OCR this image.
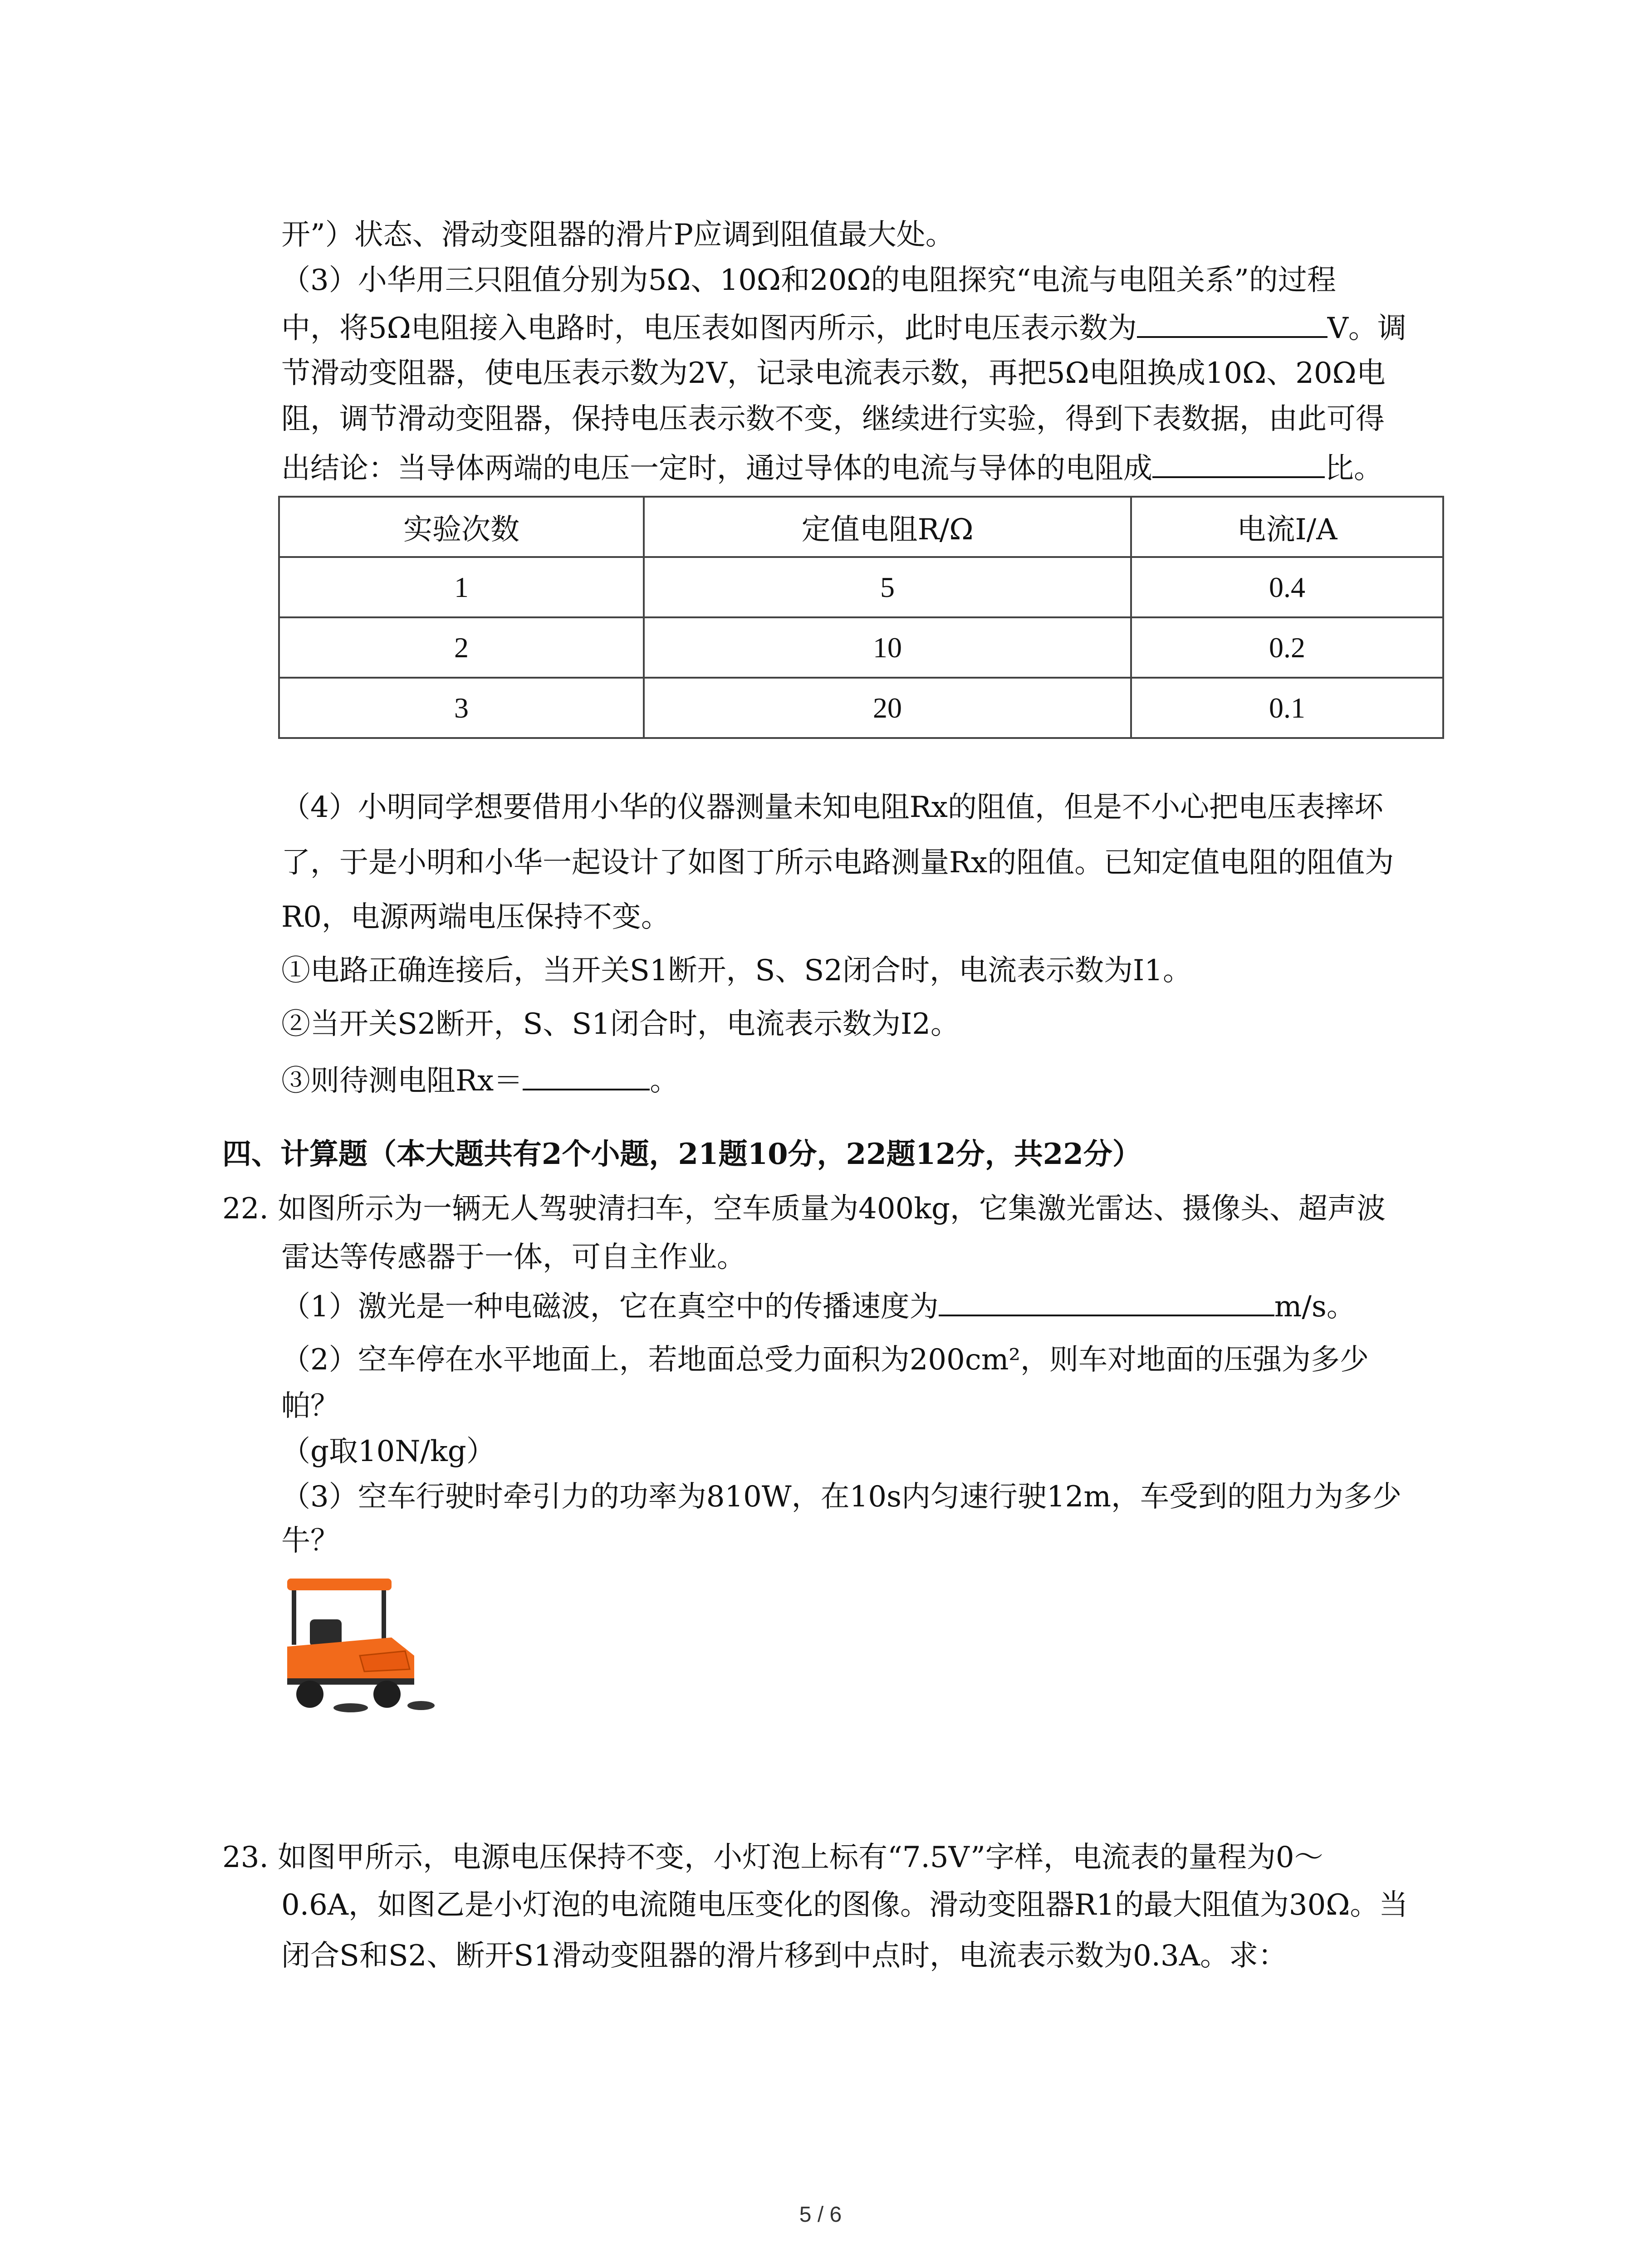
开”）状态、滑动变阻器的滑片P应调到阻值最大处。
（3）小华用三只阻值分别为5Ω、10Ω和20Ω的电阻探究“电流与电阻关系”的过程
中，将5Ω电阻接入电路时，电压表如图丙所示，此时电压表示数为	V。调
节滑动变阻器，使电压表示数为2V，记录电流表示数，再把5Ω电阻换成10Ω、20Ω电
阻，调节滑动变阻器，保持电压表示数不变，继续进行实验，得到下表数据，由此可得
出结论：当导体两端的电压一定时，通过导体的电流与导体的电阻成	比。
实验次数	定值电阻R/Ω	电流I/A
1	5	0.4
2	10	0.2
3	20	0.1
（4）小明同学想要借用小华的仪器测量未知电阻Rx的阻值，但是不小心把电压表摔坏
了，于是小明和小华一起设计了如图丁所示电路测量Rx的阻值。已知定值电阻的阻值为
R0，电源两端电压保持不变。
①电路正确连接后，当开关S1断开，S、S2闭合时，电流表示数为I1。
②当开关S2断开，S、S1闭合时，电流表示数为I2。
③则待测电阻Rx＝	。
四、计算题（本大题共有2个小题，21题10分，22题12分，共22分）
22. 如图所示为一辆无人驾驶清扫车，空车质量为400kg，它集激光雷达、摄像头、超声波
雷达等传感器于一体，可自主作业。
（1）激光是一种电磁波，它在真空中的传播速度为	m/s。
（2）空车停在水平地面上，若地面总受力面积为200cm²，则车对地面的压强为多少
帕？
（g取10N/kg）
（3）空车行驶时牵引力的功率为810W，在10s内匀速行驶12m，车受到的阻力为多少
牛？
23. 如图甲所示，电源电压保持不变，小灯泡上标有“7.5V”字样，电流表的量程为0～
0.6A，如图乙是小灯泡的电流随电压变化的图像。滑动变阻器R1的最大阻值为30Ω。当
闭合S和S2、断开S1滑动变阻器的滑片移到中点时，电流表示数为0.3A。求：
5 / 6
